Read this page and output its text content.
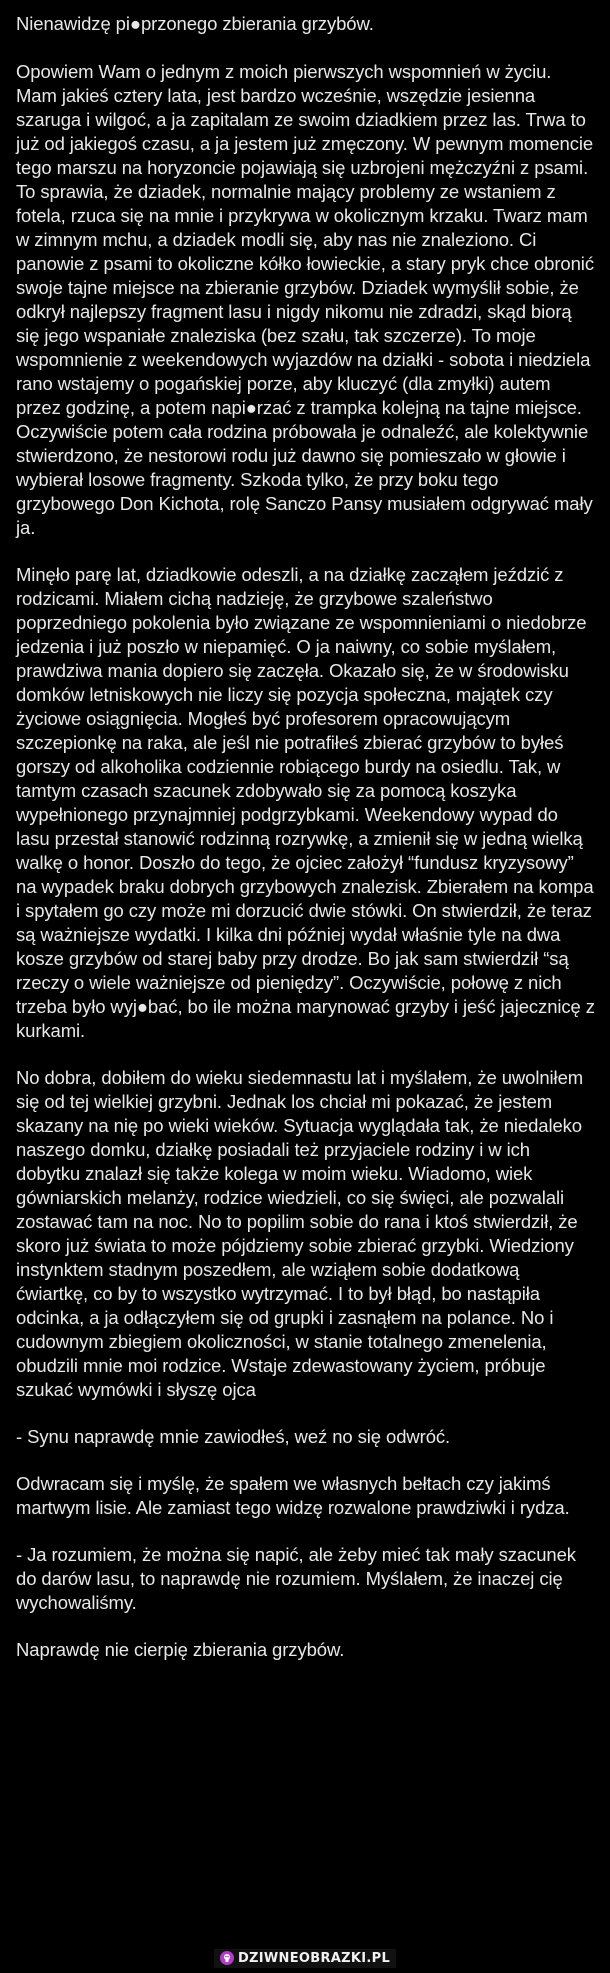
Nienawidzę pi●przonego zbierania grzybów.

Opowiem Wam o jednym z moich pierwszych wspomnień w życiu. Mam jakieś cztery lata, jest bardzo wcześnie, wszędzie jesienna szaruga i wilgoć, a ja zapitalam ze swoim dziadkiem przez las. Trwa to już od jakiegoś czasu, a ja jestem już zmęczony. W pewnym momencie tego marszu na horyzoncie pojawiają się uzbrojeni mężczyźni z psami. To sprawia, że dziadek, normalnie mający problemy ze wstaniem z fotela, rzuca się na mnie i przykrywa w okolicznym krzaku. Twarz mam w zimnym mchu, a dziadek modli się, aby nas nie znaleziono. Ci panowie z psami to okoliczne kółko łowieckie, a stary pryk chce obronić swoje tajne miejsce na zbieranie grzybów. Dziadek wymyślił sobie, że odkrył najlepszy fragment lasu i nigdy nikomu nie zdradzi, skąd biorą się jego wspaniałe znaleziska (bez szału, tak szczerze). To moje wspomnienie z weekendowych wyjazdów na działki - sobota i niedziela rano wstajemy o pogańskiej porze, aby kluczyć (dla zmyłki) autem przez godzinę, a potem napi●rzać z trampka kolejną na tajne miejsce. Oczywiście potem cała rodzina próbowała je odnaleźć, ale kolektywnie stwierdzono, że nestorowi rodu już dawno się pomieszało w głowie i wybierał losowe fragmenty. Szkoda tylko, że przy boku tego grzybowego Don Kichota, rolę Sanczo Pansy musiałem odgrywać mały ja.

Minęło parę lat, dziadkowie odeszli, a na działkę zacząłem jeździć z rodzicami. Miałem cichą nadzieję, że grzybowe szaleństwo poprzedniego pokolenia było związane ze wspomnieniami o niedobrze jedzenia i już poszło w niepamięć. O ja naiwny, co sobie myślałem, prawdziwa mania dopiero się zaczęła. Okazało się, że w środowisku domków letniskowych nie liczy się pozycja społeczna, majątek czy życiowe osiągnięcia. Mogłeś być profesorem opracowującym szczepionkę na raka, ale jeśl nie potrafiłeś zbierać grzybów to byłeś gorszy od alkoholika codziennie robiącego burdy na osiedlu. Tak, w tamtym czasach szacunek zdobywało się za pomocą koszyka wypełnionego przynajmniej podgrzybkami. Weekendowy wypad do lasu przestał stanowić rodzinną rozrywkę, a zmienił się w jedną wielką walkę o honor. Doszło do tego, że ojciec założył “fundusz kryzysowy” na wypadek braku dobrych grzybowych znalezisk. Zbierałem na kompa i spytałem go czy może mi dorzucić dwie stówki. On stwierdził, że teraz są ważniejsze wydatki. I kilka dni później wydał właśnie tyle na dwa kosze grzybów od starej baby przy drodze. Bo jak sam stwierdził “są rzeczy o wiele ważniejsze od pieniędzy”. Oczywiście, połowę z nich trzeba było wyj●bać, bo ile można marynować grzyby i jeść jajecznicę z kurkami.

No dobra, dobiłem do wieku siedemnastu lat i myślałem, że uwolniłem się od tej wielkiej grzybni. Jednak los chciał mi pokazać, że jestem skazany na nię po wieki wieków. Sytuacja wyglądała tak, że niedaleko naszego domku, działkę posiadali też przyjaciele rodziny i w ich dobytku znalazł się także kolega w moim wieku. Wiadomo, wiek gówniarskich melanży, rodzice wiedzieli, co się święci, ale pozwalali zostawać tam na noc. No to popilim sobie do rana i ktoś stwierdził, że skoro już świata to może pójdziemy sobie zbierać grzybki. Wiedziony instynktem stadnym poszedłem, ale wziąłem sobie dodatkową ćwiartkę, co by to wszystko wytrzymać. I to był błąd, bo nastąpiła odcinka, a ja odłączyłem się od grupki i zasnąłem na polance. No i cudownym zbiegiem okoliczności, w stanie totalnego zmenelenia, obudzili mnie moi rodzice. Wstaje zdewastowany życiem, próbuje szukać wymówki i słyszę ojca

- Synu naprawdę mnie zawiodłeś, weź no się odwróć.

Odwracam się i myślę, że spałem we własnych bełtach czy jakimś martwym lisie. Ale zamiast tego widzę rozwalone prawdziwki i rydza.

- Ja rozumiem, że można się napić, ale żeby mieć tak mały szacunek do darów lasu, to naprawdę nie rozumiem. Myślałem, że inaczej cię wychowaliśmy.

Naprawdę nie cierpię zbierania grzybów.

DZIWNEOBRAZKI.PL
